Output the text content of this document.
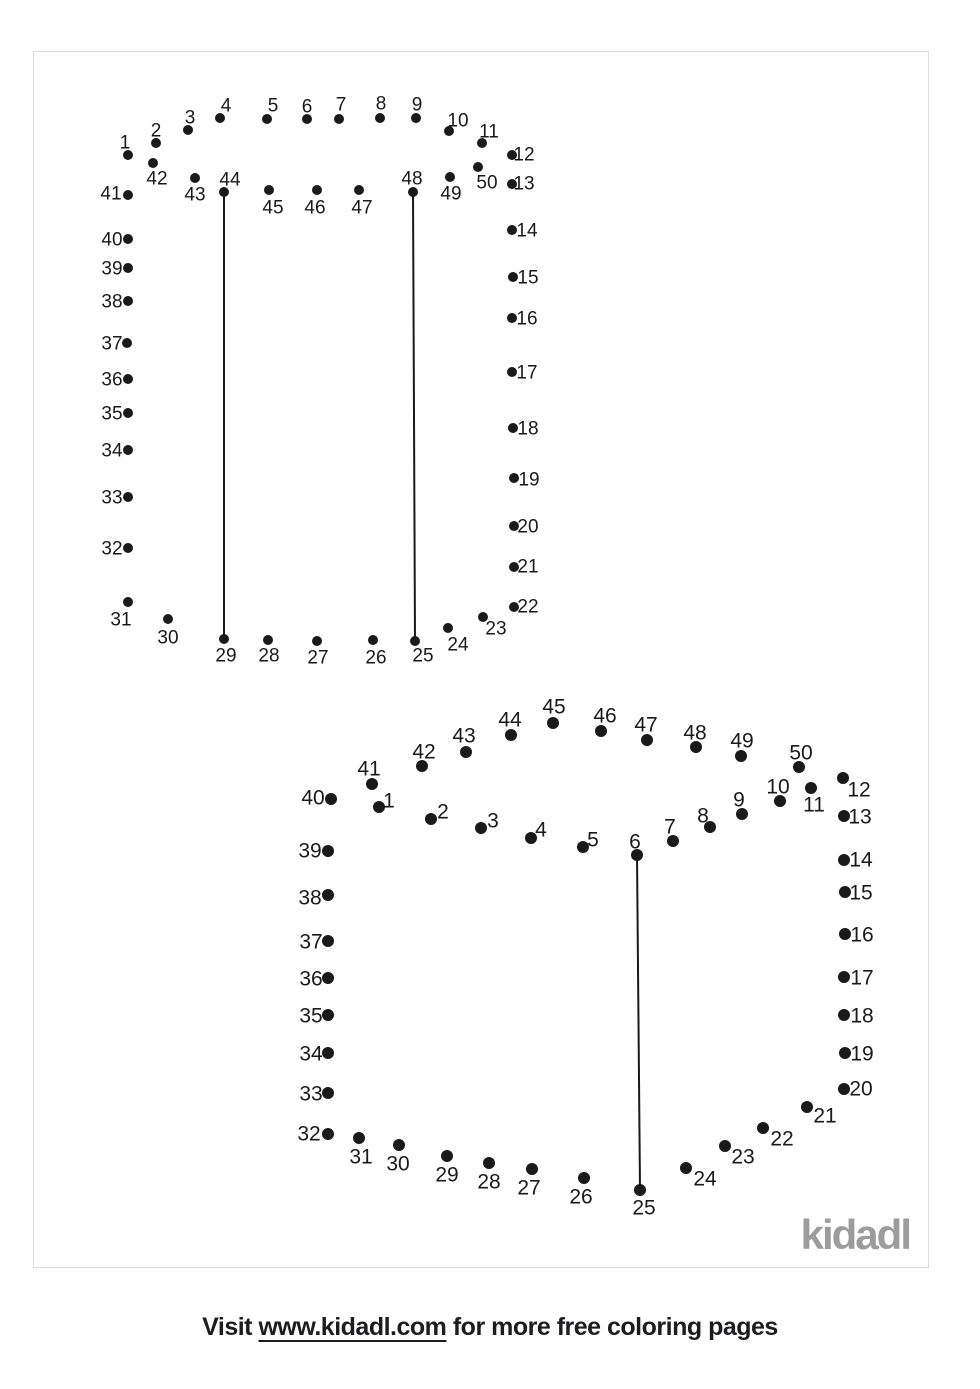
1
2
3
4 5 6 7 8 9
10
11
12
13
14
15
16
17
18
19
20
21
22
23
24
25
26
27
28
29
30
31
32
33
34
35
36
37
38
39
40
41
42
43
44
45 46 47
48
49
50
1 2 3 4 5 6
7 8
9
10
11
12
13
14
15
16
17
18
19
20
21
22
23
24
25
26
27
28
29
30
31
32
33
34
35
36
37
38
39
40
41
42
43
44
45 46 47 48 49
50
kidadl
Visit www.kidadl.com for more free coloring pages
